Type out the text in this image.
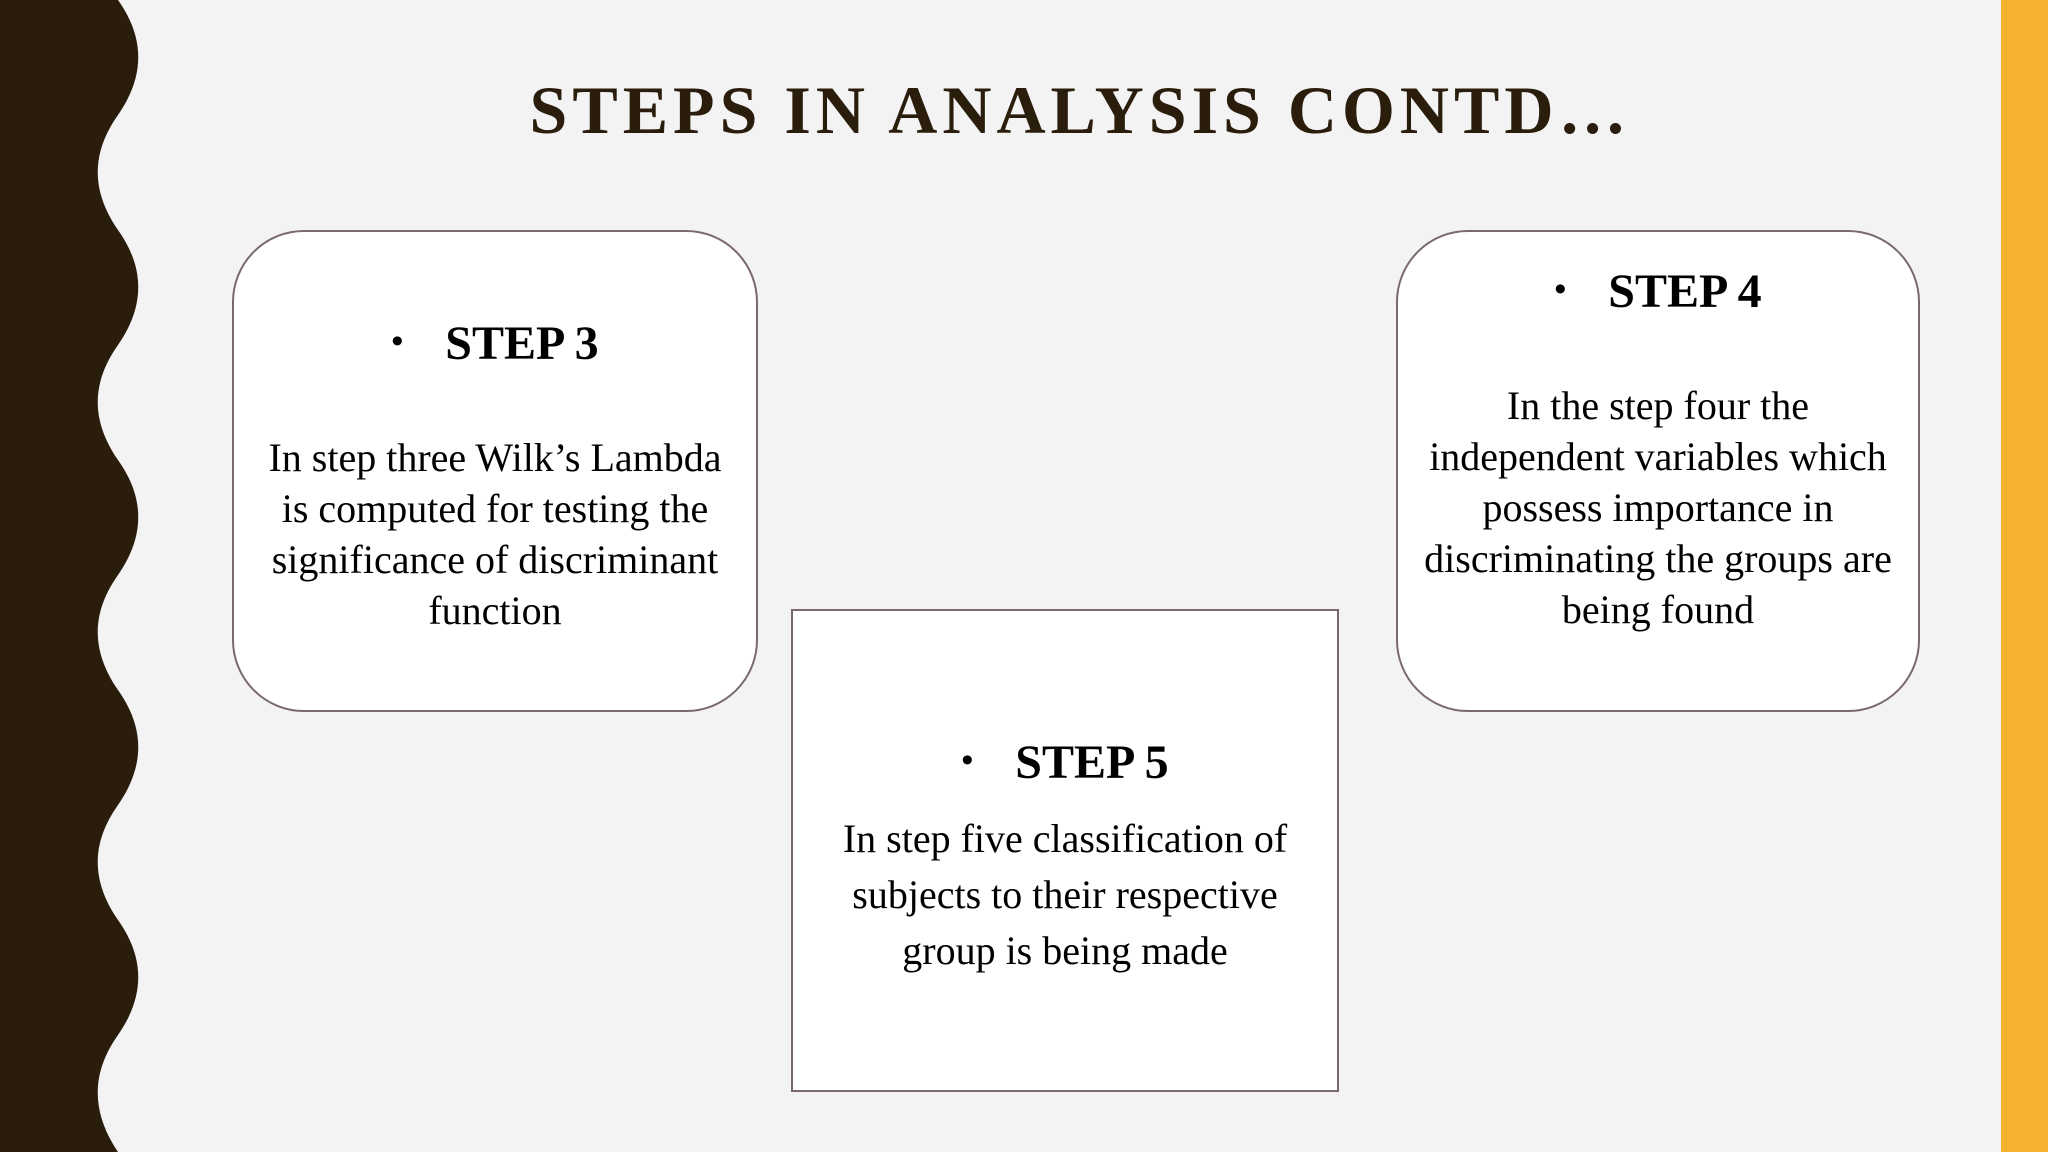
STEPS IN ANALYSIS CONTD…
• STEP 3
In step three Wilk’s Lambda is computed for testing the significance of discriminant function
• STEP 4
In the step four the independent variables which possess importance in discriminating the groups are being found
• STEP 5
In step five classification of subjects to their respective group is being made
